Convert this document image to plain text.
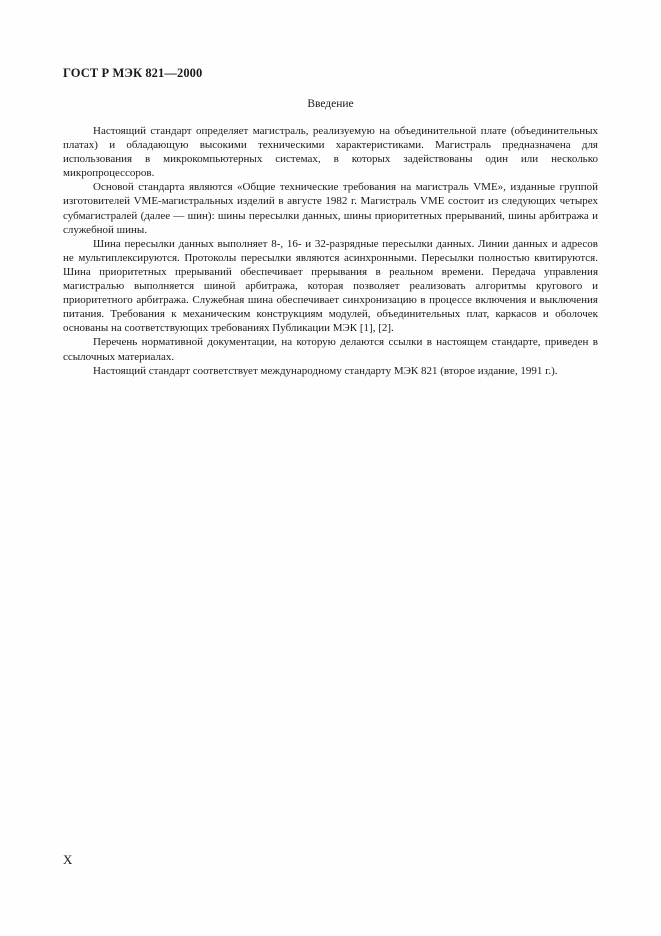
ГОСТ Р МЭК 821—2000
Введение

Настоящий стандарт определяет магистраль, реализуемую на объединительной плате (объединительных платах) и обладающую высокими техническими характеристиками. Магистраль предназначена для использования в микрокомпьютерных системах, в которых задействованы один или несколько микропроцессоров.

Основой стандарта являются «Общие технические требования на магистраль VME», изданные группой изготовителей VME-магистральных изделий в августе 1982 г. Магистраль VME состоит из следующих четырех субмагистралей (далее — шин): шины пересылки данных, шины приоритетных прерываний, шины арбитража и служебной шины.

Шина пересылки данных выполняет 8-, 16- и 32-разрядные пересылки данных. Линии данных и адресов не мультиплексируются. Протоколы пересылки являются асинхронными. Пересылки полностью квитируются. Шина приоритетных прерываний обеспечивает прерывания в реальном времени. Передача управления магистралью выполняется шиной арбитража, которая позволяет реализовать алгоритмы кругового и приоритетного арбитража. Служебная шина обеспечивает синхронизацию в процессе включения и выключения питания. Требования к механическим конструкциям модулей, объединительных плат, каркасов и оболочек основаны на соответствующих требованиях Публикации МЭК [1], [2].

Перечень нормативной документации, на которую делаются ссылки в настоящем стандарте, приведен в ссылочных материалах.

Настоящий стандарт соответствует международному стандарту МЭК 821 (второе издание, 1991 г.).

X
